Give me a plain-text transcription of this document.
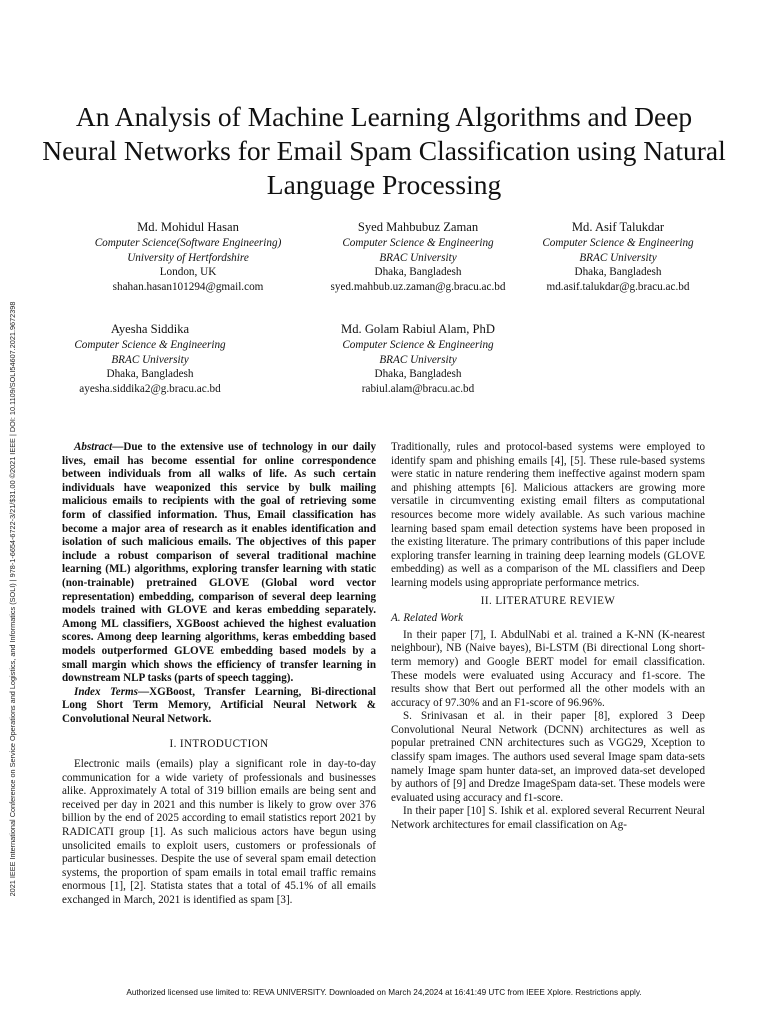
2021 IEEE International Conference on Service Operations and Logistics, and Informatics (SOLI) | 978-1-6654-6722-3/21/$31.00 ©2021 IEEE | DOI: 10.1109/SOLI54607.2021.9672398
An Analysis of Machine Learning Algorithms and Deep Neural Networks for Email Spam Classification using Natural Language Processing
Md. Mohidul Hasan
Computer Science(Software Engineering)
University of Hertfordshire
London, UK
shahan.hasan101294@gmail.com
Syed Mahbubuz Zaman
Computer Science & Engineering
BRAC University
Dhaka, Bangladesh
syed.mahbub.uz.zaman@g.bracu.ac.bd
Md. Asif Talukdar
Computer Science & Engineering
BRAC University
Dhaka, Bangladesh
md.asif.talukdar@g.bracu.ac.bd
Ayesha Siddika
Computer Science & Engineering
BRAC University
Dhaka, Bangladesh
ayesha.siddika2@g.bracu.ac.bd
Md. Golam Rabiul Alam, PhD
Computer Science & Engineering
BRAC University
Dhaka, Bangladesh
rabiul.alam@bracu.ac.bd

Abstract—Due to the extensive use of technology in our daily lives, email has become essential for online correspondence between individuals from all walks of life. As such certain individuals have weaponized this service by bulk mailing malicious emails to recipients with the goal of retrieving some form of classified information. Thus, Email classification has become a major area of research as it enables identification and isolation of such malicious emails. The objectives of this paper include a robust comparison of several traditional machine learning (ML) algorithms, exploring transfer learning with static (non-trainable) pretrained GLOVE (Global word vector representation) embedding, comparison of several deep learning models trained with GLOVE and keras embedding separately. Among ML classifiers, XGBoost achieved the highest evaluation scores. Among deep learning algorithms, keras embedding based models outperformed GLOVE embedding based models by a small margin which shows the efficiency of transfer learning in downstream NLP tasks (parts of speech tagging).

Index Terms—XGBoost, Transfer Learning, Bi-directional Long Short Term Memory, Artificial Neural Network & Convolutional Neural Network.

I. INTRODUCTION

Electronic mails (emails) play a significant role in day-to-day communication for a wide variety of professionals and businesses alike. Approximately A total of 319 billion emails are being sent and received per day in 2021 and this number is likely to grow over 376 billion by the end of 2025 according to email statistics report 2021 by RADICATI group [1]. As such malicious actors have begun using unsolicited emails to exploit users, customers or professionals of particular businesses. Despite the use of several spam email detection systems, the proportion of spam emails in total email traffic remains enormous [1], [2]. Statista states that a total of 45.1% of all emails exchanged in March, 2021 is identified as spam [3].

Traditionally, rules and protocol-based systems were employed to identify spam and phishing emails [4], [5]. These rule-based systems were static in nature rendering them ineffective against modern spam and phishing attempts [6]. Malicious attackers are growing more versatile in circumventing existing email filters as computational resources become more widely available. As such various machine learning based spam email detection systems have been proposed in the existing literature. The primary contributions of this paper include exploring transfer learning in training deep learning models (GLOVE embedding) as well as a comparison of the ML classifiers and Deep learning models using appropriate performance metrics.

II. LITERATURE REVIEW
A. Related Work

In their paper [7], I. AbdulNabi et al. trained a K-NN (K-nearest neighbour), NB (Naive bayes), Bi-LSTM (Bi directional Long short-term memory) and Google BERT model for email classification. These models were evaluated using Accuracy and f1-score. The results show that Bert out performed all the other models with an accuracy of 97.30% and an F1-score of 96.96%.

S. Srinivasan et al. in their paper [8], explored 3 Deep Convolutional Neural Network (DCNN) architectures as well as popular pretrained CNN architectures such as VGG29, Xception to classify spam images. The authors used several Image spam data-sets namely Image spam hunter data-set, an improved data-set developed by authors of [9] and Dredze ImageSpam data-set. These models were evaluated using accuracy and f1-score.

In their paper [10] S. Ishik et al. explored several Recurrent Neural Network architectures for email classification on Ag-

Authorized licensed use limited to: REVA UNIVERSITY. Downloaded on March 24,2024 at 16:41:49 UTC from IEEE Xplore. Restrictions apply.
